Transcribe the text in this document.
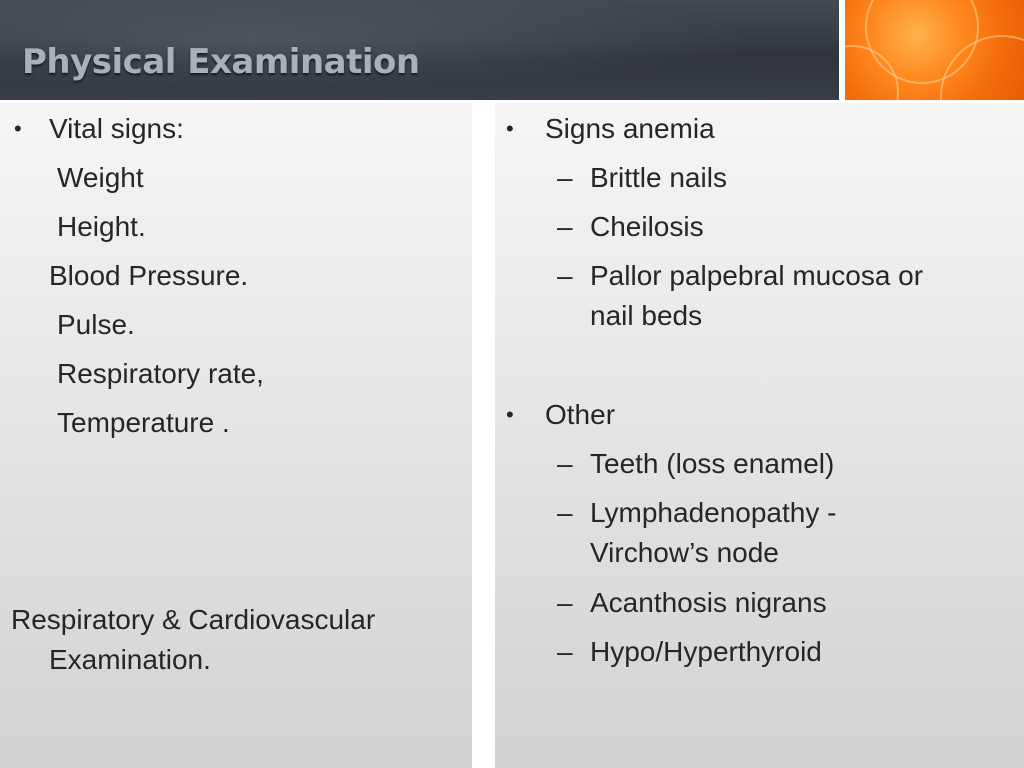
Physical Examination
• Vital signs:

Weight

Height.

Blood Pressure.

Pulse.

Respiratory rate,

Temperature .

Respiratory & Cardiovascular

Examination.

• Signs anemia

– Brittle nails

– Cheilosis

– Pallor palpebral mucosa or

nail beds

• Other

– Teeth (loss enamel)

– Lymphadenopathy -

Virchow’s node

– Acanthosis nigrans

– Hypo/Hyperthyroid
